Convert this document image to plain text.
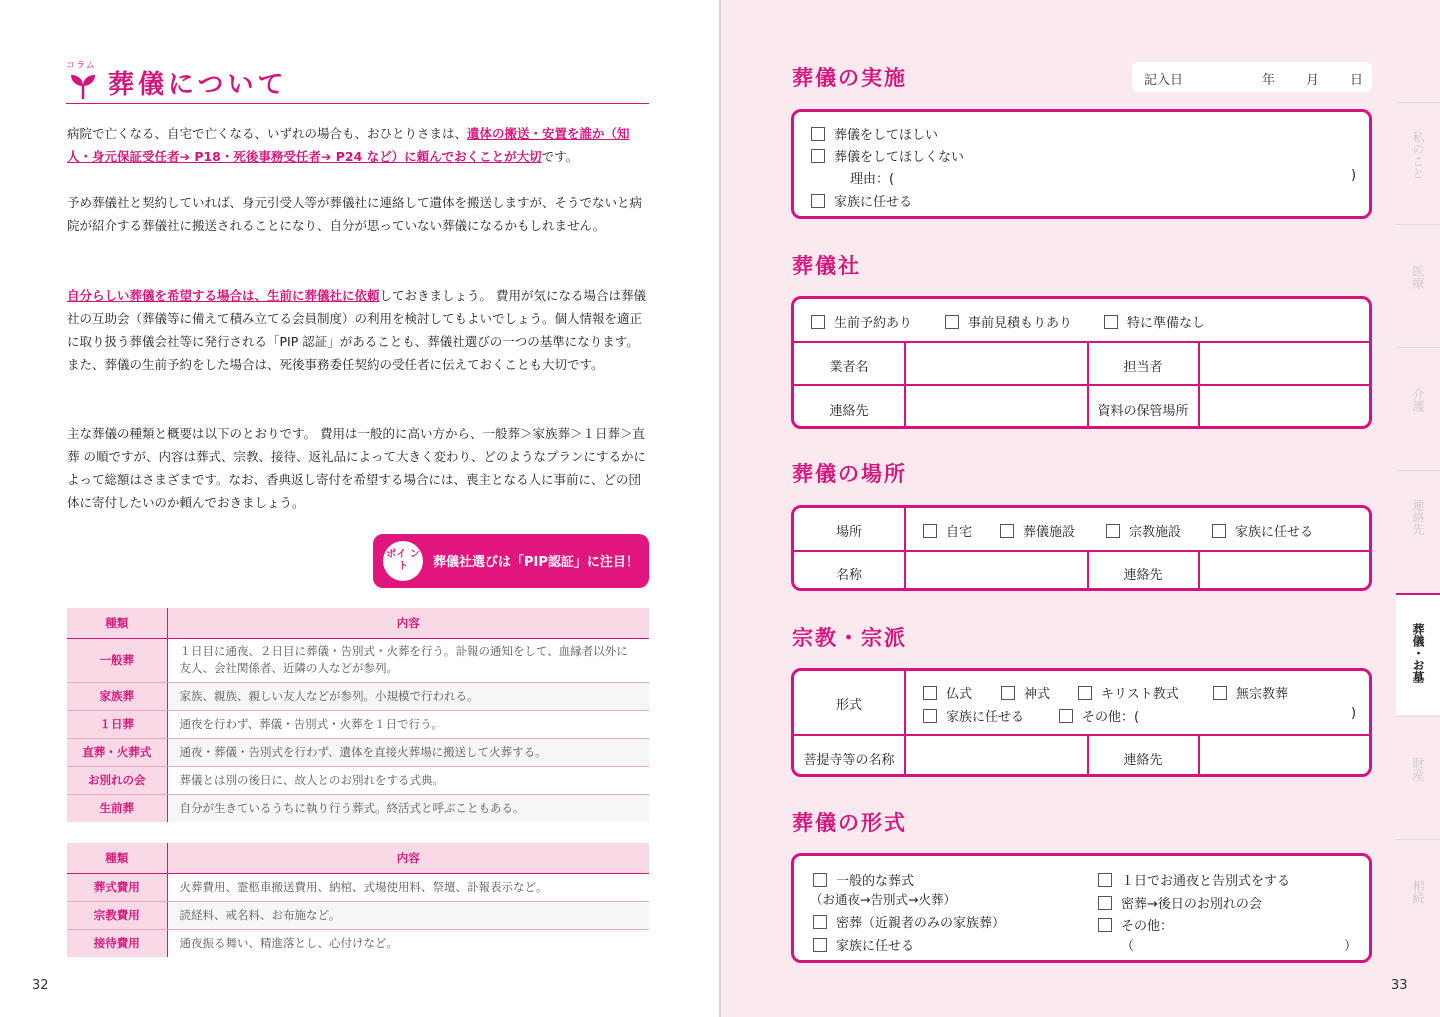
コラム
葬儀について

病院で亡くなる、自宅で亡くなる、いずれの場合も、おひとりさまは、遺体の搬送・安置を誰か（知人・身元保証受任者➔ P18・死後事務受任者➔ P24 など）に頼んでおくことが大切です。

予め葬儀社と契約していれば、身元引受人等が葬儀社に連絡して遺体を搬送しますが、そうでないと病院が紹介する葬儀社に搬送されることになり、自分が思っていない葬儀になるかもしれません。

自分らしい葬儀を希望する場合は、生前に葬儀社に依頼しておきましょう。 費用が気になる場合は葬儀社の互助会（葬儀等に備えて積み立てる会員制度）の利用を検討してもよいでしょう。個人情報を適正に取り扱う葬儀会社等に発行される「PIP 認証」があることも、葬儀社選びの一つの基準になります。また、葬儀の生前予約をした場合は、死後事務委任契約の受任者に伝えておくことも大切です。

主な葬儀の種類と概要は以下のとおりです。 費用は一般的に高い方から、一般葬＞家族葬＞１日葬＞直葬 の順ですが、内容は葬式、宗教、接待、返礼品によって大きく変わり、どのようなプランにするかによって総額はさまざまです。なお、香典返し寄付を希望する場合には、喪主となる人に事前に、どの団体に寄付したいのか頼んでおきましょう。

ポイ ント	葬儀社選びは「PIP認証」に注目！
種類	内容
一般葬	１日目に通夜、２日目に葬儀・告別式・火葬を行う。訃報の通知をして、血縁者以外に友人、会社関係者、近隣の人などが参列。
家族葬	家族、親族、親しい友人などが参列。小規模で行われる。
１日葬	通夜を行わず、葬儀・告別式・火葬を１日で行う。
直葬・火葬式	通夜・葬儀・告別式を行わず、遺体を直接火葬場に搬送して火葬する。
お別れの会	葬儀とは別の後日に、故人とのお別れをする式典。
生前葬	自分が生きているうちに執り行う葬式。終活式と呼ぶこともある。
種類	内容
葬式費用	火葬費用、霊柩車搬送費用、納棺、式場使用料、祭壇、訃報表示など。
宗教費用	読経料、戒名料、お布施など。
接待費用	通夜振る舞い、精進落とし、心付けなど。
32
葬儀の実施	記入日	年 月 日
葬儀をしてほしい
葬儀をしてほしくない
理由：(	)
家族に任せる
葬儀社
生前予約あり	事前見積もりあり	特に準備なし
業者名	担当者
連絡先	資料の保管場所
葬儀の場所
場所	自宅	葬儀施設	宗教施設	家族に任せる
名称	連絡先
宗教・宗派
形式
仏式	神式	キリスト教式	無宗教葬
家族に任せる	その他：(	)
菩提寺等の名称	連絡先
葬儀の形式
一般的な葬式
（お通夜→告別式→火葬）
密葬（近親者のみの家族葬）
家族に任せる
１日でお通夜と告別式をする
密葬→後日のお別れの会
その他：
（	）
私のこと
医療
介護
連絡先
葬儀・お墓
財産
相続
33
